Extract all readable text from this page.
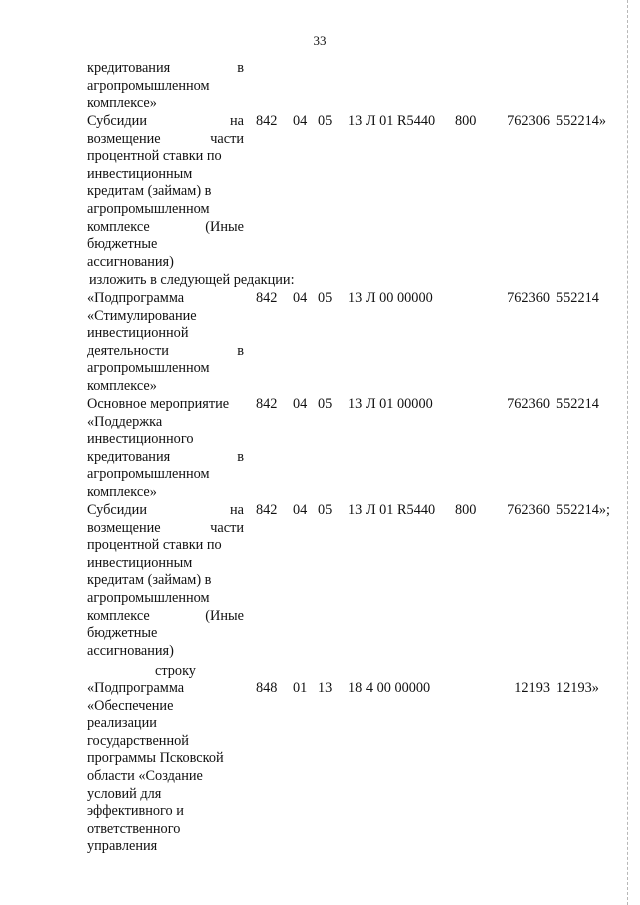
33
кредитования	в
агропромышленном
комплексе»
Субсидии	на
возмещение	части
процентной ставки по
инвестиционным
кредитам (займам) в
агропромышленном
комплексе	(Иные
бюджетные
ассигнования)
842 04 05 13 Л 01 R5440 800	762306 552214»
изложить в следующей редакции:
«Подпрограмма
«Стимулирование
инвестиционной
деятельности	в
агропромышленном
комплексе»
842 04 05 13 Л 00 00000	762360 552214
Основное мероприятие
«Поддержка
инвестиционного
кредитования	в
агропромышленном
комплексе»
842 04 05 13 Л 01 00000	762360 552214
Субсидии	на
возмещение	части
процентной ставки по
инвестиционным
кредитам (займам) в
агропромышленном
комплексе	(Иные
бюджетные
ассигнования)
842 04 05 13 Л 01 R5440 800	762360 552214»;
строку
«Подпрограмма
«Обеспечение
реализации
государственной
программы Псковской
области «Создание
условий для
эффективного и
ответственного
управления
848 01 13 18 4 00 00000	12193 12193»
